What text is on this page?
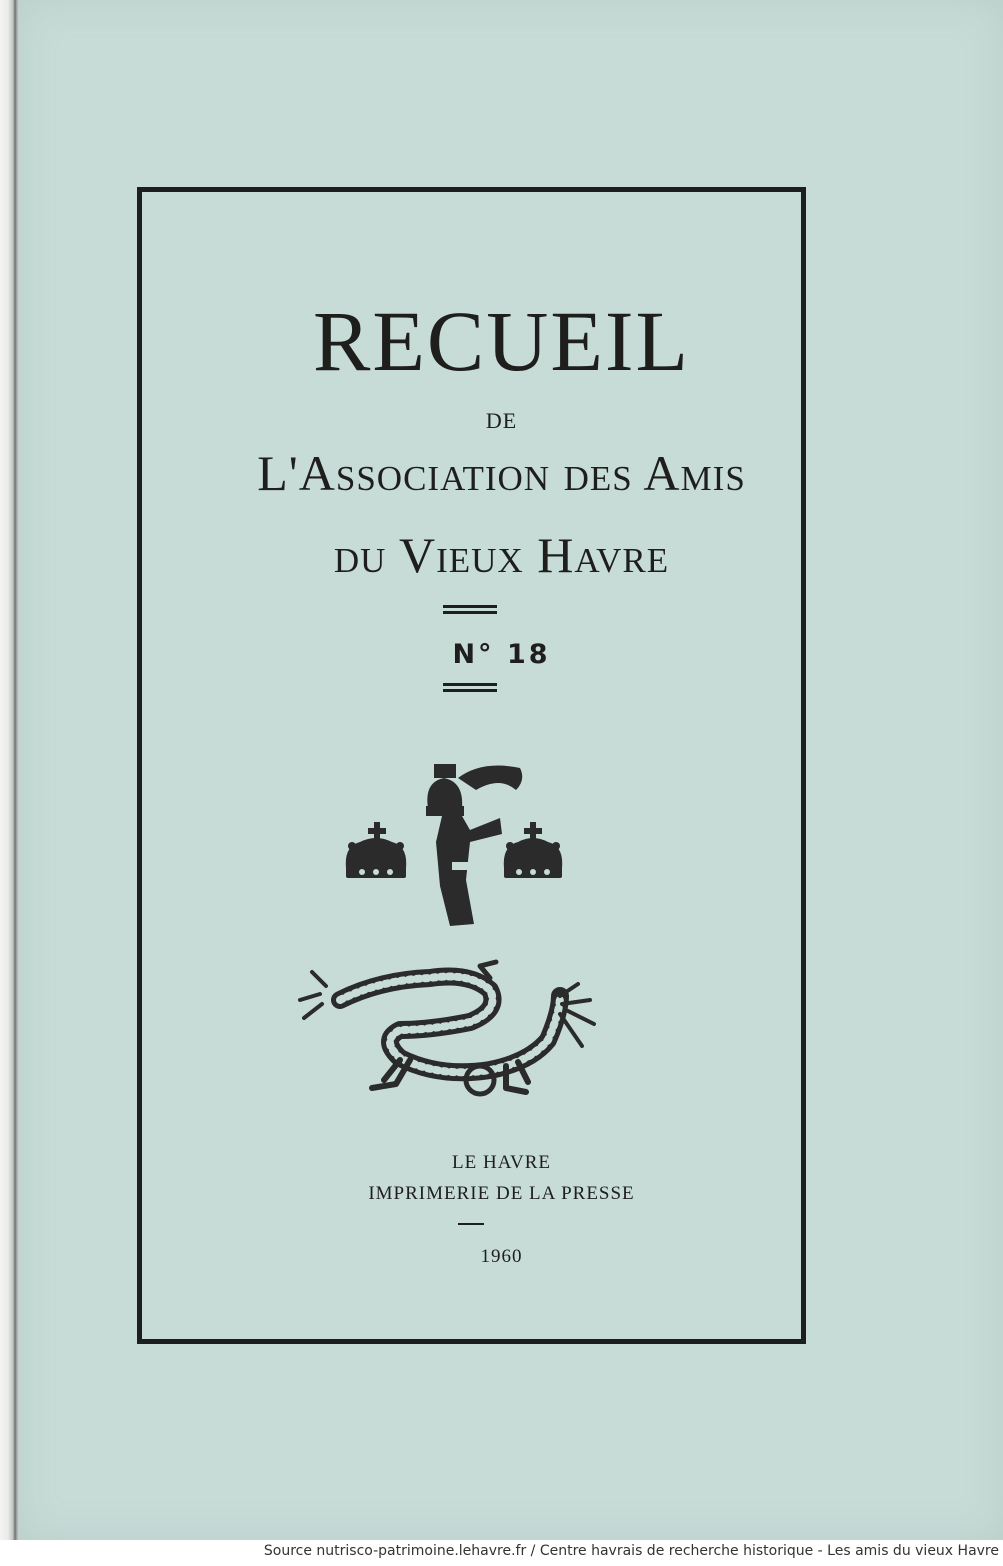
RECUEIL
DE
L'Association des Amis
du Vieux Havre
N° 18
LE HAVRE
IMPRIMERIE DE LA PRESSE
1960
Source nutrisco-patrimoine.lehavre.fr / Centre havrais de recherche historique - Les amis du vieux Havre
